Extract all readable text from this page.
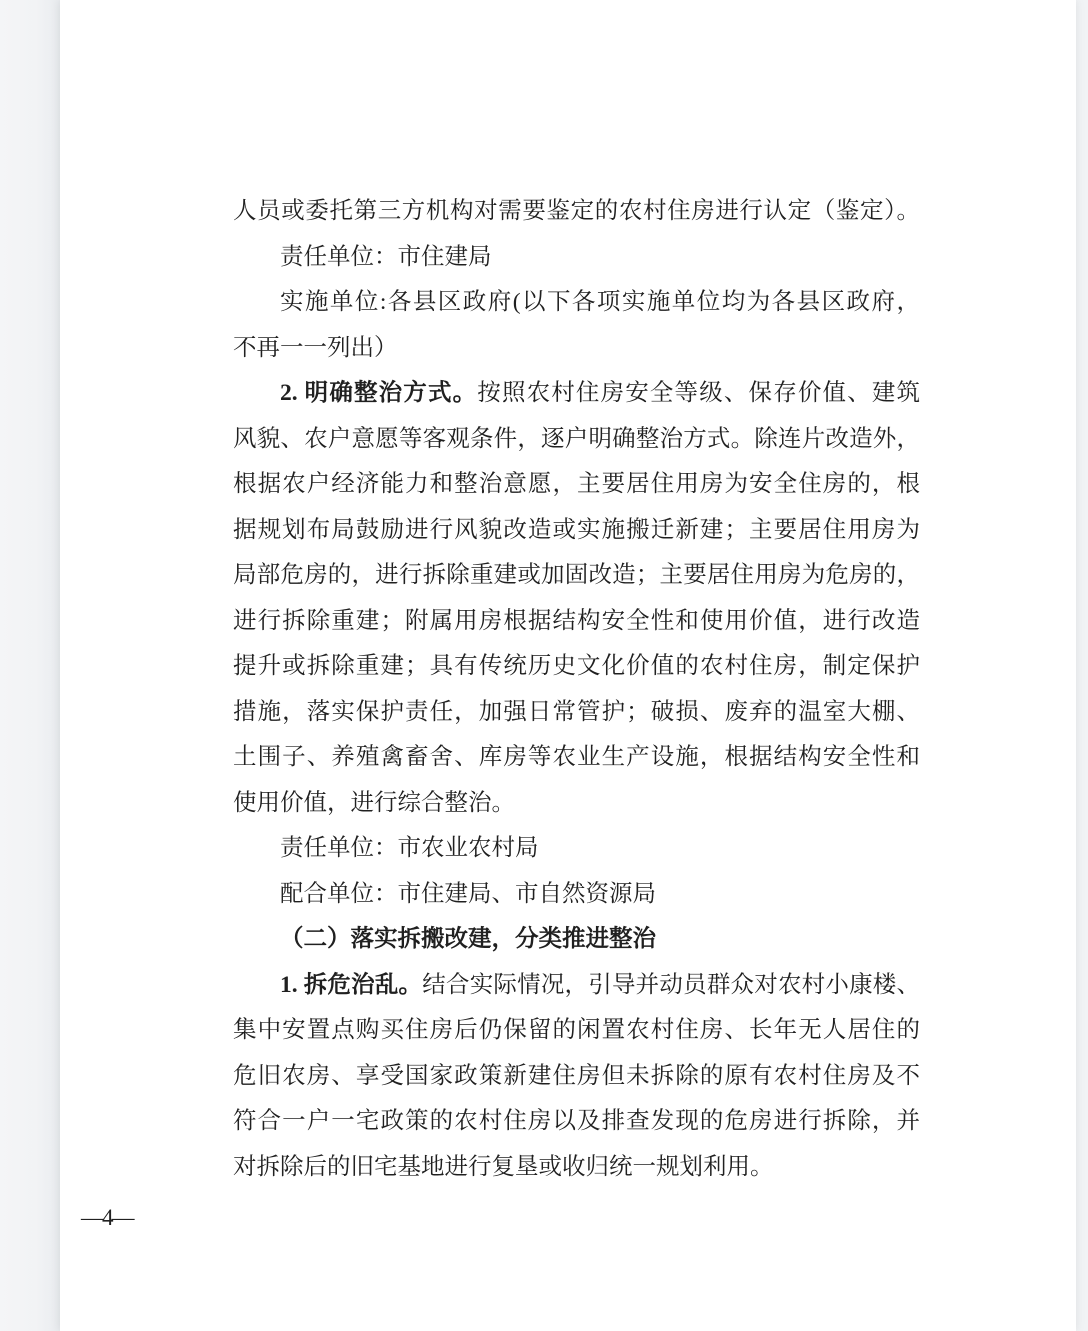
人员或委托第三方机构对需要鉴定的农村住房进行认定（鉴定）。
责任单位：市住建局
实施单位:各县区政府(以下各项实施单位均为各县区政府，
不再一一列出）
2. 明确整治方式。按照农村住房安全等级、保存价值、建筑
风貌、农户意愿等客观条件，逐户明确整治方式。除连片改造外，
根据农户经济能力和整治意愿，主要居住用房为安全住房的，根
据规划布局鼓励进行风貌改造或实施搬迁新建；主要居住用房为
局部危房的，进行拆除重建或加固改造；主要居住用房为危房的，
进行拆除重建；附属用房根据结构安全性和使用价值，进行改造
提升或拆除重建；具有传统历史文化价值的农村住房，制定保护
措施，落实保护责任，加强日常管护；破损、废弃的温室大棚、
土围子、养殖禽畜舍、库房等农业生产设施，根据结构安全性和
使用价值，进行综合整治。
责任单位：市农业农村局
配合单位：市住建局、市自然资源局
（二）落实拆搬改建，分类推进整治
1. 拆危治乱。结合实际情况，引导并动员群众对农村小康楼、
集中安置点购买住房后仍保留的闲置农村住房、长年无人居住的
危旧农房、享受国家政策新建住房但未拆除的原有农村住房及不
符合一户一宅政策的农村住房以及排查发现的危房进行拆除，并
对拆除后的旧宅基地进行复垦或收归统一规划利用。
—4—
